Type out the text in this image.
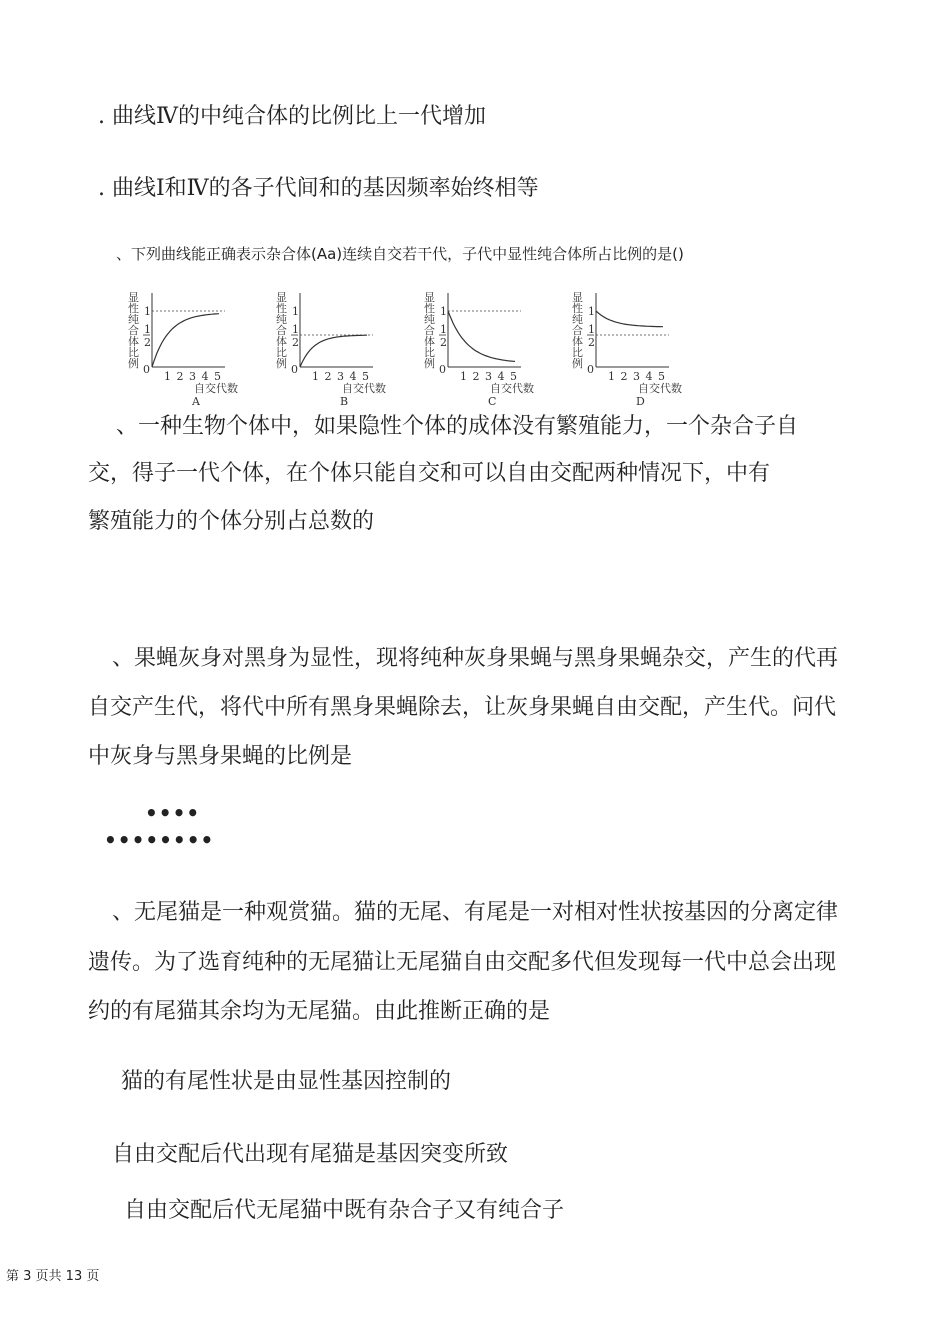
. 曲线Ⅳ的中纯合体的比例比上一代增加
. 曲线Ⅰ和Ⅳ的各子代间和的基因频率始终相等
、下列曲线能正确表示杂合体(Aa)连续自交若干代，子代中显性纯合体所占比例的是()
显
性
纯
合
体
比
例
1
1
2
0
1 2 3 4 5
自交代数
A
显
性
纯
合
体
比
例
1
1
2
0
1 2 3 4 5
自交代数
B
显
性
纯
合
体
比
例
1
1
2
0
1 2 3 4 5
自交代数
C
显
性
纯
合
体
比
例
1
1
2
0
1 2 3 4 5
自交代数
D
、一种生物个体中，如果隐性个体的成体没有繁殖能力，一个杂合子自
交，得子一代个体，在个体只能自交和可以自由交配两种情况下，中有
繁殖能力的个体分别占总数的
、果蝇灰身对黑身为显性，现将纯种灰身果蝇与黑身果蝇杂交，产生的代再
自交产生代，将代中所有黑身果蝇除去，让灰身果蝇自由交配，产生代。问代
中灰身与黑身果蝇的比例是
••••
••••••••
、无尾猫是一种观赏猫。猫的无尾、有尾是一对相对性状按基因的分离定律
遗传。为了选育纯种的无尾猫让无尾猫自由交配多代但发现每一代中总会出现
约的有尾猫其余均为无尾猫。由此推断正确的是
猫的有尾性状是由显性基因控制的
自由交配后代出现有尾猫是基因突变所致
自由交配后代无尾猫中既有杂合子又有纯合子
第 3 页共 13 页
